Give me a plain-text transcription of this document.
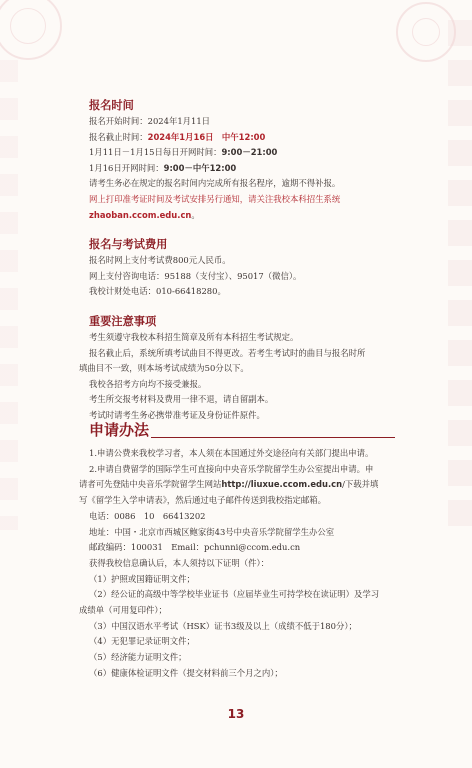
报名时间

报名开始时间：2024年1月11日

报名截止时间：2024年1月16日　中午12:00

1月11日－1月15日每日开网时间：9:00－21:00

1月16日开网时间：9:00－中午12:00

请考生务必在规定的报名时间内完成所有报名程序，逾期不得补报。

网上打印准考证时间及考试安排另行通知，请关注我校本科招生系统

zhaoban.ccom.edu.cn。

报名与考试费用

报名时网上支付考试费800元人民币。

网上支付咨询电话：95188（支付宝）、95017（微信）。

我校计财处电话：010-66418280。

重要注意事项

考生须遵守我校本科招生简章及所有本科招生考试规定。

报名截止后，系统所填考试曲目不得更改。若考生考试时的曲目与报名时所

填曲目不一致，则本场考试成绩为50分以下。

我校各招考方向均不接受兼报。

考生所交报考材料及费用一律不退，请自留副本。

考试时请考生务必携带准考证及身份证件原件。

申请办法

1.申请公费来我校学习者，本人须在本国通过外交途径向有关部门提出申请。

2.申请自费留学的国际学生可直接向中央音乐学院留学生办公室提出申请。申

请者可先登陆中央音乐学院留学生网站http://liuxue.ccom.edu.cn/下载并填

写《留学生入学申请表》，然后通过电子邮件传送到我校指定邮箱。

电话：0086　10　66413202

地址：中国・北京市西城区鲍家街43号中央音乐学院留学生办公室

邮政编码：100031　Email：pchunni@ccom.edu.cn

获得我校信息确认后，本人须持以下证明（件）：

（1）护照或国籍证明文件；

（2）经公证的高级中等学校毕业证书（应届毕业生可持学校在读证明）及学习

成绩单（可用复印件）；

（3）中国汉语水平考试（HSK）证书3级及以上（成绩不低于180分）；

（4）无犯罪记录证明文件；

（5）经济能力证明文件；

（6）健康体检证明文件（提交材料前三个月之内）；

13
